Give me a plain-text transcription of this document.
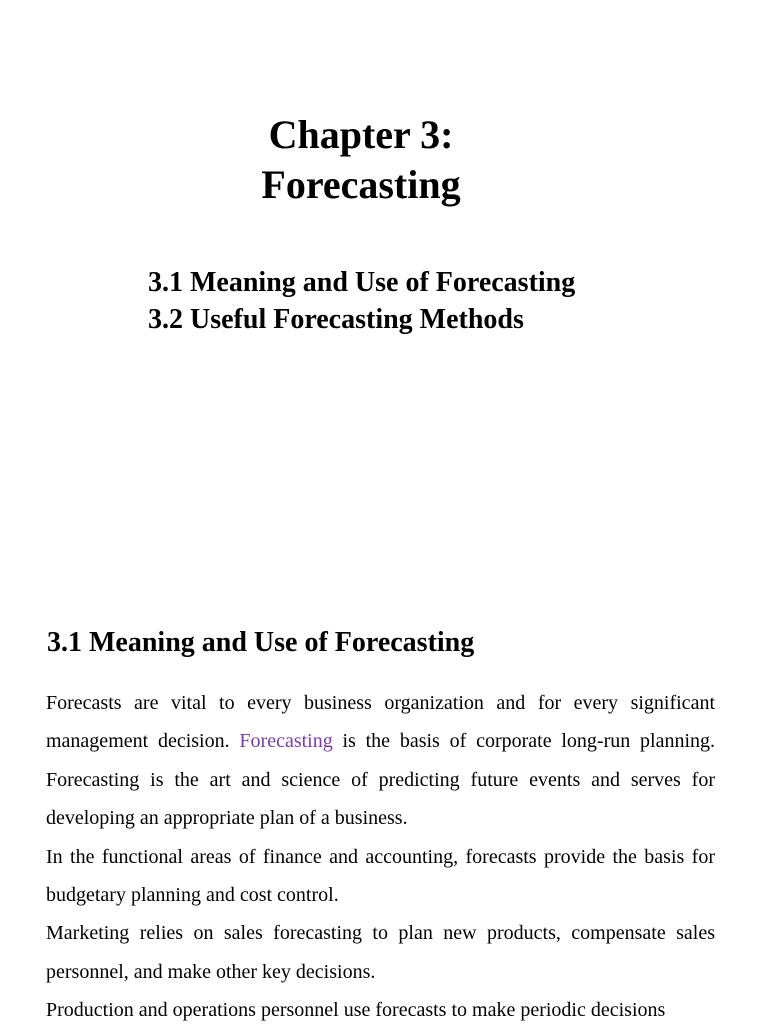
Chapter 3:
Forecasting
3.1 Meaning and Use of Forecasting
3.2 Useful Forecasting Methods
3.1 Meaning and Use of Forecasting

Forecasts are vital to every business organization and for every significant management decision. Forecasting is the basis of corporate long-run planning. Forecasting is the art and science of predicting future events and serves for developing an appropriate plan of a business.

In the functional areas of finance and accounting, forecasts provide the basis for budgetary planning and cost control.

Marketing relies on sales forecasting to plan new products, compensate sales personnel, and make other key decisions.

Production and operations personnel use forecasts to make periodic decisions
